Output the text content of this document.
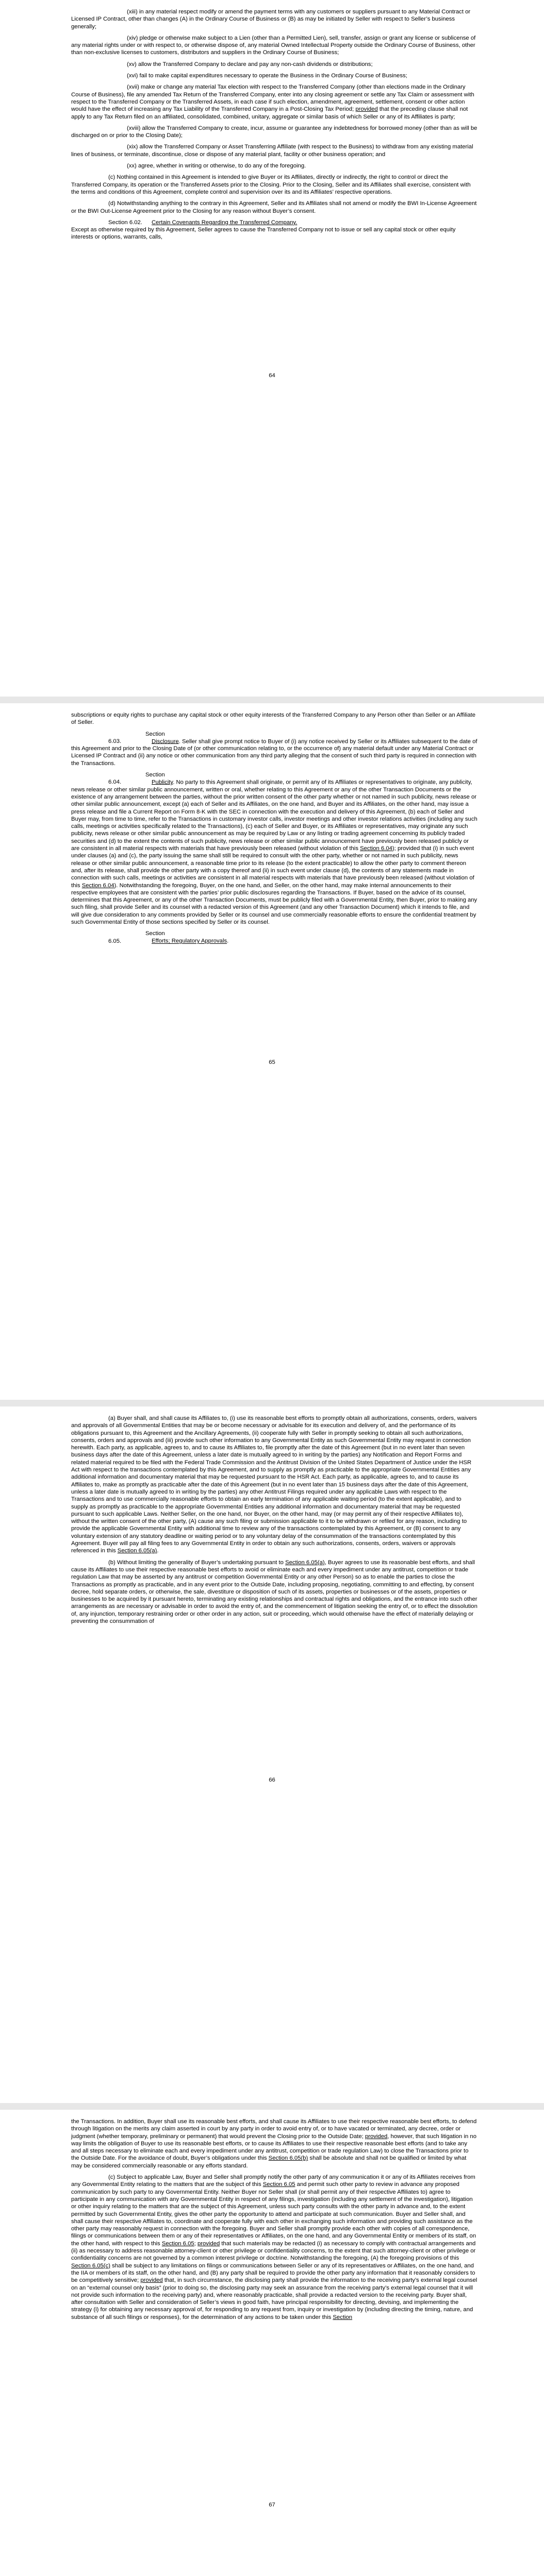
(xiii) in any material respect modify or amend the payment terms with any customers or suppliers pursuant to any Material Contract or Licensed IP Contract, other than changes (A) in the Ordinary Course of Business or (B) as may be initiated by Seller with respect to Seller’s business generally;

(xiv) pledge or otherwise make subject to a Lien (other than a Permitted Lien), sell, transfer, assign or grant any license or sublicense of any material rights under or with respect to, or otherwise dispose of, any material Owned Intellectual Property outside the Ordinary Course of Business, other than non-exclusive licenses to customers, distributors and suppliers in the Ordinary Course of Business;

(xv) allow the Transferred Company to declare and pay any non-cash dividends or distributions;

(xvi) fail to make capital expenditures necessary to operate the Business in the Ordinary Course of Business;

(xvii) make or change any material Tax election with respect to the Transferred Company (other than elections made in the Ordinary Course of Business), file any amended Tax Return of the Transferred Company, enter into any closing agreement or settle any Tax Claim or assessment with respect to the Transferred Company or the Transferred Assets, in each case if such election, amendment, agreement, settlement, consent or other action would have the effect of increasing any Tax Liability of the Transferred Company in a Post-Closing Tax Period; provided that the preceding clause shall not apply to any Tax Return filed on an affiliated, consolidated, combined, unitary, aggregate or similar basis of which Seller or any of its Affiliates is party;

(xviii) allow the Transferred Company to create, incur, assume or guarantee any indebtedness for borrowed money (other than as will be discharged on or prior to the Closing Date);

(xix) allow the Transferred Company or Asset Transferring Affiliate (with respect to the Business) to withdraw from any existing material lines of business, or terminate, discontinue, close or dispose of any material plant, facility or other business operation; and

(xx) agree, whether in writing or otherwise, to do any of the foregoing.

(c) Nothing contained in this Agreement is intended to give Buyer or its Affiliates, directly or indirectly, the right to control or direct the Transferred Company, its operation or the Transferred Assets prior to the Closing. Prior to the Closing, Seller and its Affiliates shall exercise, consistent with the terms and conditions of this Agreement, complete control and supervision over its and its Affiliates’ respective operations.

(d) Notwithstanding anything to the contrary in this Agreement, Seller and its Affiliates shall not amend or modify the BWI In-License Agreement or the BWI Out-License Agreement prior to the Closing for any reason without Buyer’s consent.

Section 6.02. Certain Covenants Regarding the Transferred Company.
Except as otherwise required by this Agreement, Seller agrees to cause the Transferred Company not to issue or sell any capital stock or other equity interests or options, warrants, calls,

64

subscriptions or equity rights to purchase any capital stock or other equity interests of the Transferred Company to any Person other than Seller or an Affiliate of Seller.

Section 6.03.	Disclosure. Seller shall give prompt notice to Buyer of (i) any notice received by Seller or its Affiliates subsequent to the date of this Agreement and prior to the Closing Date of (or other communication relating to, or the occurrence of) any material default under any Material Contract or Licensed IP Contract and (ii) any notice or other communication from any third party alleging that the consent of such third party is required in connection with the Transactions.

Section 6.04.	Publicity. No party to this Agreement shall originate, or permit any of its Affiliates or representatives to originate, any publicity, news release or other similar public announcement, written or oral, whether relating to this Agreement or any of the other Transaction Documents or the existence of any arrangement between the parties, without the prior written consent of the other party whether or not named in such publicity, news release or other similar public announcement, except (a) each of Seller and its Affiliates, on the one hand, and Buyer and its Affiliates, on the other hand, may issue a press release and file a Current Report on Form 8-K with the SEC in connection with the execution and delivery of this Agreement, (b) each of Seller and Buyer may, from time to time, refer to the Transactions in customary investor calls, investor meetings and other investor relations activities (including any such calls, meetings or activities specifically related to the Transactions), (c) each of Seller and Buyer, or its Affiliates or representatives, may originate any such publicity, news release or other similar public announcement as may be required by Law or any listing or trading agreement concerning its publicly traded securities and (d) to the extent the contents of such publicity, news release or other similar public announcement have previously been released publicly or are consistent in all material respects with materials that have previously been released (without violation of this Section 6.04); provided that (i) in such event under clauses (a) and (c), the party issuing the same shall still be required to consult with the other party, whether or not named in such publicity, news release or other similar public announcement, a reasonable time prior to its release (to the extent practicable) to allow the other party to comment thereon and, after its release, shall provide the other party with a copy thereof and (ii) in such event under clause (d), the contents of any statements made in connection with such calls, meetings or activities are consistent in all material respects with materials that have previously been released (without violation of this Section 6.04). Notwithstanding the foregoing, Buyer, on the one hand, and Seller, on the other hand, may make internal announcements to their respective employees that are consistent with the parties’ prior public disclosures regarding the Transactions. If Buyer, based on the advice of its counsel, determines that this Agreement, or any of the other Transaction Documents, must be publicly filed with a Governmental Entity, then Buyer, prior to making any such filing, shall provide Seller and its counsel with a redacted version of this Agreement (and any other Transaction Document) which it intends to file, and will give due consideration to any comments provided by Seller or its counsel and use commercially reasonable efforts to ensure the confidential treatment by such Governmental Entity of those sections specified by Seller or its counsel.

Section 6.05.	Efforts; Regulatory Approvals.

65

(a) Buyer shall, and shall cause its Affiliates to, (i) use its reasonable best efforts to promptly obtain all authorizations, consents, orders, waivers and approvals of all Governmental Entities that may be or become necessary or advisable for its execution and delivery of, and the performance of its obligations pursuant to, this Agreement and the Ancillary Agreements, (ii) cooperate fully with Seller in promptly seeking to obtain all such authorizations, consents, orders and approvals and (iii) provide such other information to any Governmental Entity as such Governmental Entity may request in connection herewith. Each party, as applicable, agrees to, and to cause its Affiliates to, file promptly after the date of this Agreement (but in no event later than seven business days after the date of this Agreement, unless a later date is mutually agreed to in writing by the parties) any Notification and Report Forms and related material required to be filed with the Federal Trade Commission and the Antitrust Division of the United States Department of Justice under the HSR Act with respect to the transactions contemplated by this Agreement, and to supply as promptly as practicable to the appropriate Governmental Entities any additional information and documentary material that may be requested pursuant to the HSR Act. Each party, as applicable, agrees to, and to cause its Affiliates to, make as promptly as practicable after the date of this Agreement (but in no event later than 15 business days after the date of this Agreement, unless a later date is mutually agreed to in writing by the parties) any other Antitrust Filings required under any applicable Laws with respect to the Transactions and to use commercially reasonable efforts to obtain an early termination of any applicable waiting period (to the extent applicable), and to supply as promptly as practicable to the appropriate Governmental Entities any additional information and documentary material that may be requested pursuant to such applicable Laws. Neither Seller, on the one hand, nor Buyer, on the other hand, may (or may permit any of their respective Affiliates to), without the written consent of the other party, (A) cause any such filing or submission applicable to it to be withdrawn or refiled for any reason, including to provide the applicable Governmental Entity with additional time to review any of the transactions contemplated by this Agreement, or (B) consent to any voluntary extension of any statutory deadline or waiting period or to any voluntary delay of the consummation of the transactions contemplated by this Agreement. Buyer will pay all filing fees to any Governmental Entity in order to obtain any such authorizations, consents, orders, waivers or approvals referenced in this Section 6.05(a).

(b) Without limiting the generality of Buyer’s undertaking pursuant to Section 6.05(a), Buyer agrees to use its reasonable best efforts, and shall cause its Affiliates to use their respective reasonable best efforts to avoid or eliminate each and every impediment under any antitrust, competition or trade regulation Law that may be asserted by any antitrust or competition Governmental Entity or any other Person) so as to enable the parties to close the Transactions as promptly as practicable, and in any event prior to the Outside Date, including proposing, negotiating, committing to and effecting, by consent decree, hold separate orders, or otherwise, the sale, divestiture or disposition of such of its assets, properties or businesses or of the assets, properties or businesses to be acquired by it pursuant hereto, terminating any existing relationships and contractual rights and obligations, and the entrance into such other arrangements as are necessary or advisable in order to avoid the entry of, and the commencement of litigation seeking the entry of, or to effect the dissolution of, any injunction, temporary restraining order or other order in any action, suit or proceeding, which would otherwise have the effect of materially delaying or preventing the consummation of

66

the Transactions. In addition, Buyer shall use its reasonable best efforts, and shall cause its Affiliates to use their respective reasonable best efforts, to defend through litigation on the merits any claim asserted in court by any party in order to avoid entry of, or to have vacated or terminated, any decree, order or judgment (whether temporary, preliminary or permanent) that would prevent the Closing prior to the Outside Date; provided, however, that such litigation in no way limits the obligation of Buyer to use its reasonable best efforts, or to cause its Affiliates to use their respective reasonable best efforts (and to take any and all steps necessary to eliminate each and every impediment under any antitrust, competition or trade regulation Law) to close the Transactions prior to the Outside Date. For the avoidance of doubt, Buyer’s obligations under this Section 6.05(b) shall be absolute and shall not be qualified or limited by what may be considered commercially reasonable or any efforts standard.

(c) Subject to applicable Law, Buyer and Seller shall promptly notify the other party of any communication it or any of its Affiliates receives from any Governmental Entity relating to the matters that are the subject of this Section 6.05 and permit such other party to review in advance any proposed communication by such party to any Governmental Entity. Neither Buyer nor Seller shall (or shall permit any of their respective Affiliates to) agree to participate in any communication with any Governmental Entity in respect of any filings, investigation (including any settlement of the investigation), litigation or other inquiry relating to the matters that are the subject of this Agreement, unless such party consults with the other party in advance and, to the extent permitted by such Governmental Entity, gives the other party the opportunity to attend and participate at such communication. Buyer and Seller shall, and shall cause their respective Affiliates to, coordinate and cooperate fully with each other in exchanging such information and providing such assistance as the other party may reasonably request in connection with the foregoing. Buyer and Seller shall promptly provide each other with copies of all correspondence, filings or communications between them or any of their representatives or Affiliates, on the one hand, and any Governmental Entity or members of its staff, on the other hand, with respect to this Section 6.05; provided that such materials may be redacted (i) as necessary to comply with contractual arrangements and (ii) as necessary to address reasonable attorney-client or other privilege or confidentiality concerns, to the extent that such attorney-client or other privilege or confidentiality concerns are not governed by a common interest privilege or doctrine. Notwithstanding the foregoing, (A) the foregoing provisions of this Section 6.05(c) shall be subject to any limitations on filings or communications between Seller or any of its representatives or Affiliates, on the one hand, and the IIA or members of its staff, on the other hand, and (B) any party shall be required to provide the other party any information that it reasonably considers to be competitively sensitive; provided that, in such circumstance, the disclosing party shall provide the information to the receiving party’s external legal counsel on an “external counsel only basis” (prior to doing so, the disclosing party may seek an assurance from the receiving party’s external legal counsel that it will not provide such information to the receiving party) and, where reasonably practicable, shall provide a redacted version to the receiving party. Buyer shall, after consultation with Seller and consideration of Seller’s views in good faith, have principal responsibility for directing, devising, and implementing the strategy (i) for obtaining any necessary approval of, for responding to any request from, inquiry or investigation by (including directing the timing, nature, and substance of all such filings or responses), for the determination of any actions to be taken under this Section

67
